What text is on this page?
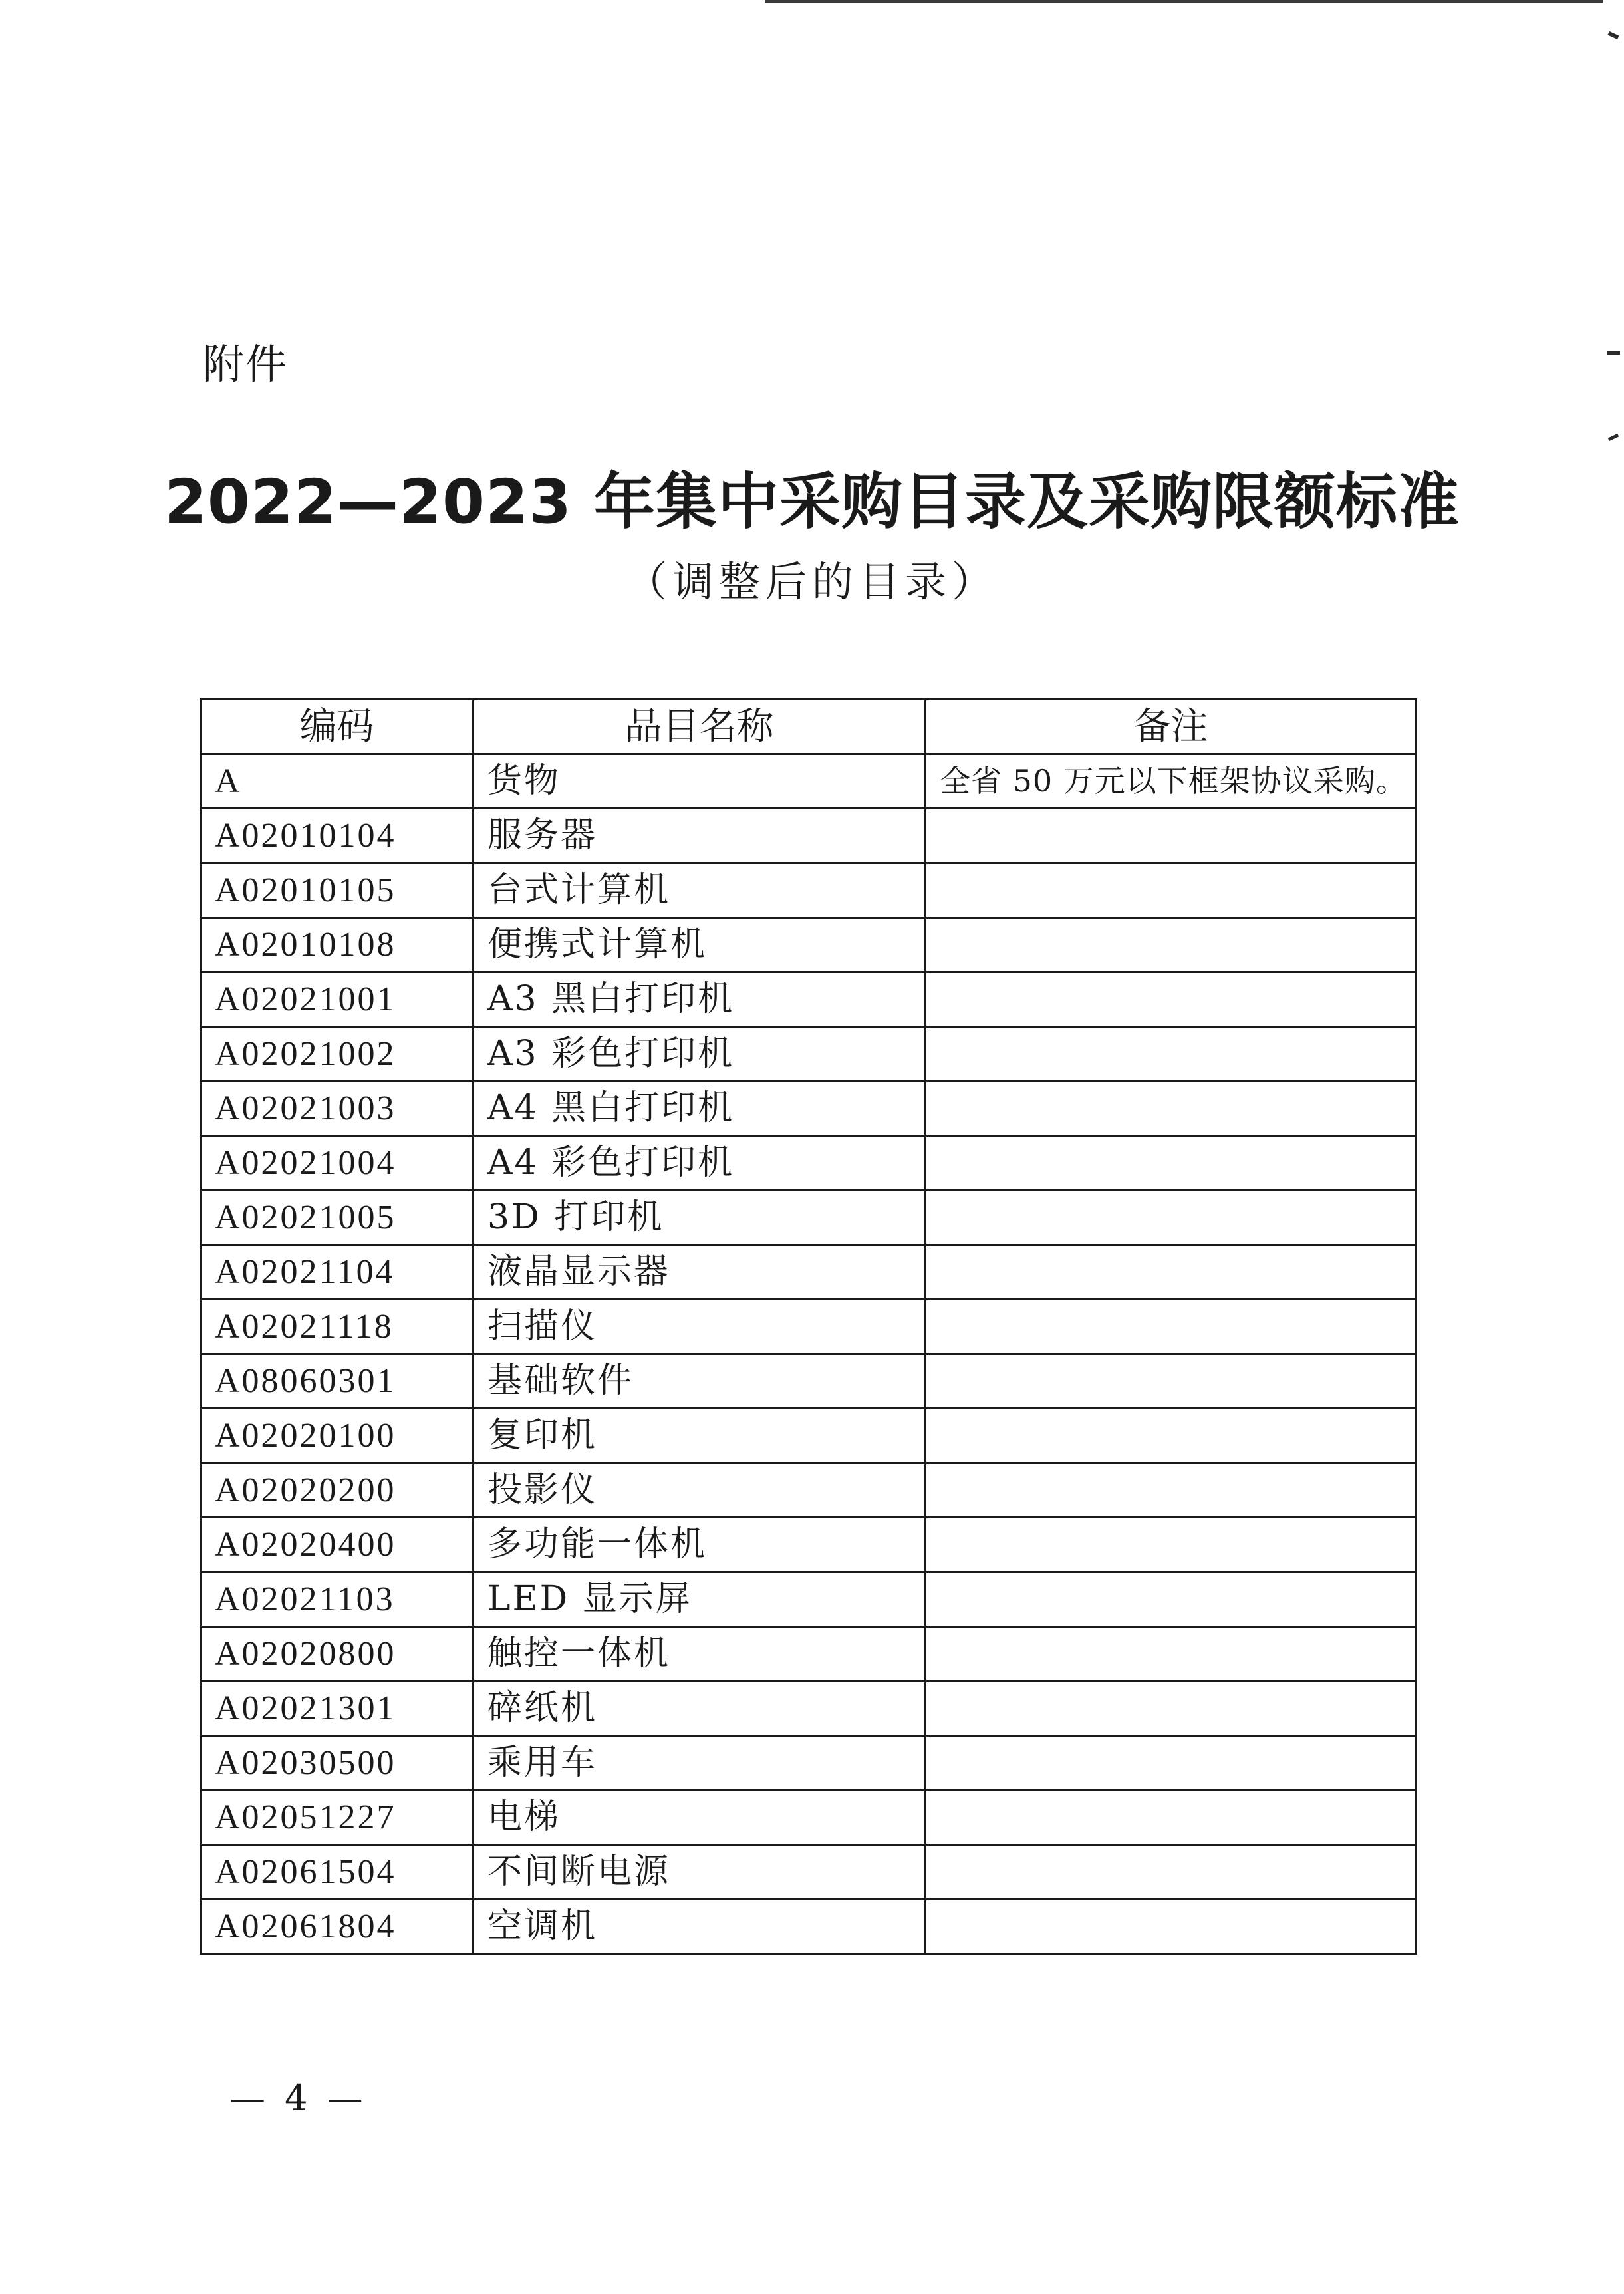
附件
2022—2023 年集中采购目录及采购限额标准
（调整后的目录）
编码	品目名称	备注
A	货物	全省 50 万元以下框架协议采购。
A02010104	服务器	
A02010105	台式计算机	
A02010108	便携式计算机	
A02021001	A3 黑白打印机	
A02021002	A3 彩色打印机	
A02021003	A4 黑白打印机	
A02021004	A4 彩色打印机	
A02021005	3D 打印机	
A02021104	液晶显示器	
A02021118	扫描仪	
A08060301	基础软件	
A02020100	复印机	
A02020200	投影仪	
A02020400	多功能一体机	
A02021103	LED 显示屏	
A02020800	触控一体机	
A02021301	碎纸机	
A02030500	乘用车	
A02051227	电梯	
A02061504	不间断电源	
A02061804	空调机	
— 4 —
